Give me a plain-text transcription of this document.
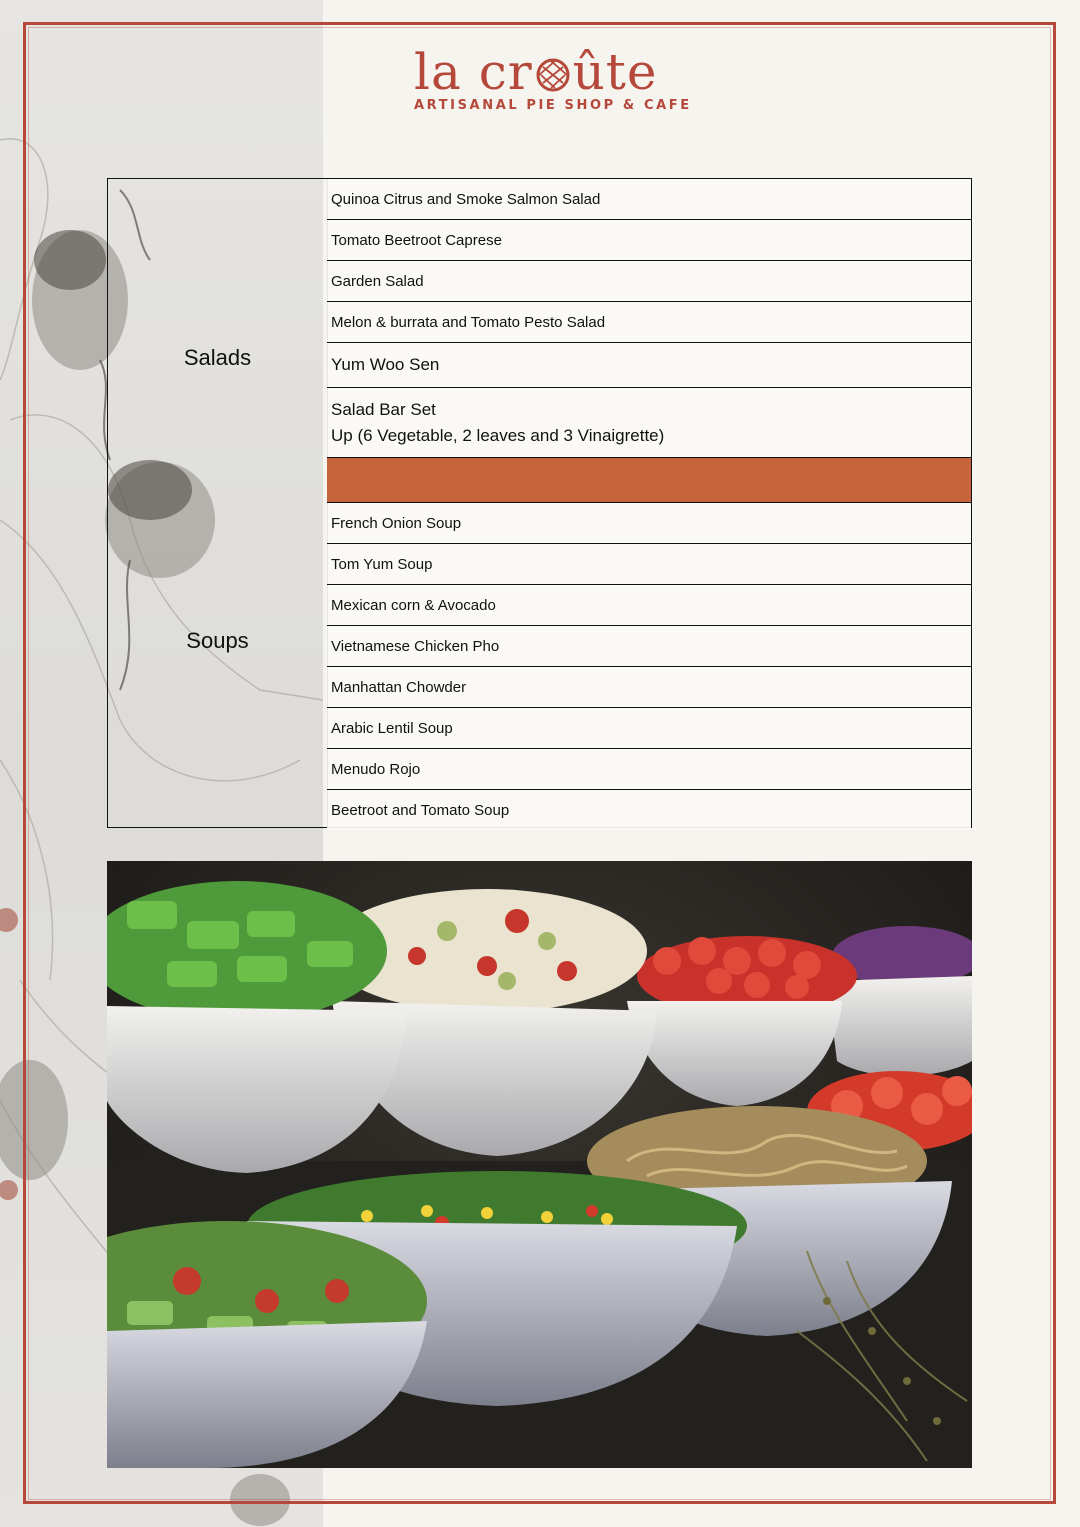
la cr ûte
ARTISANAL PIE SHOP & CAFE
Salads
Soups
Quinoa Citrus and Smoke Salmon Salad
Tomato Beetroot Caprese
Garden Salad
Melon & burrata and Tomato Pesto Salad
Yum Woo Sen
Salad Bar Set
Up (6 Vegetable, 2 leaves and 3 Vinaigrette)
French Onion Soup
Tom Yum Soup
Mexican corn & Avocado
Vietnamese Chicken Pho
Manhattan Chowder
Arabic Lentil Soup
Menudo Rojo
Beetroot and Tomato Soup
